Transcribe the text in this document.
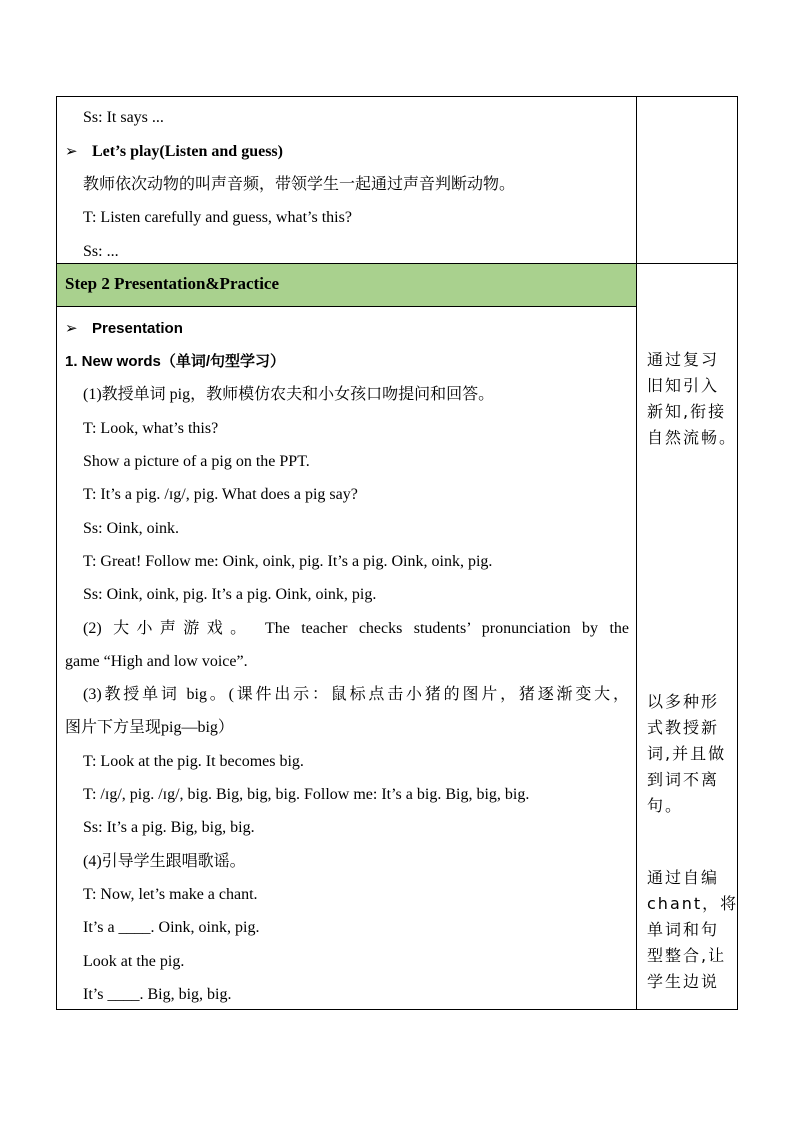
Ss: It says ...
➢ Let’s play(Listen and guess)
教师依次动物的叫声音频，带领学生一起通过声音判断动物。
T: Listen carefully and guess, what’s this?
Ss: ...
Step 2 Presentation&Practice
➢ Presentation
1. New words（单词/句型学习）
(1)教授单词 pig，教师模仿农夫和小女孩口吻提问和回答。
T: Look, what’s this?
Show a picture of a pig on the PPT.
T: It’s a pig. /ɪg/, pig. What does a pig say?
Ss: Oink, oink.
T: Great! Follow me: Oink, oink, pig. It’s a pig. Oink, oink, pig.
Ss: Oink, oink, pig. It’s a pig. Oink, oink, pig.
(2) 大小声游戏。 The teacher checks students’ pronunciation by the
game “High and low voice”.
(3)教授单词 big。(课件出示：鼠标点击小猪的图片，猪逐渐变大，
图片下方呈现pig—big）
T: Look at the pig. It becomes big.
T: /ɪg/, pig. /ɪg/, big. Big, big, big. Follow me: It’s a big. Big, big, big.
Ss: It’s a pig. Big, big, big.
(4)引导学生跟唱歌谣。
T: Now, let’s make a chant.
It’s a ____. Oink, oink, pig.
Look at the pig.
It’s ____. Big, big, big.
通过复习
旧知引入
新知,衔接
自然流畅。
以多种形
式教授新
词,并且做
到词不离
句。
通过自编
chant，将
单词和句
型整合,让
学生边说
